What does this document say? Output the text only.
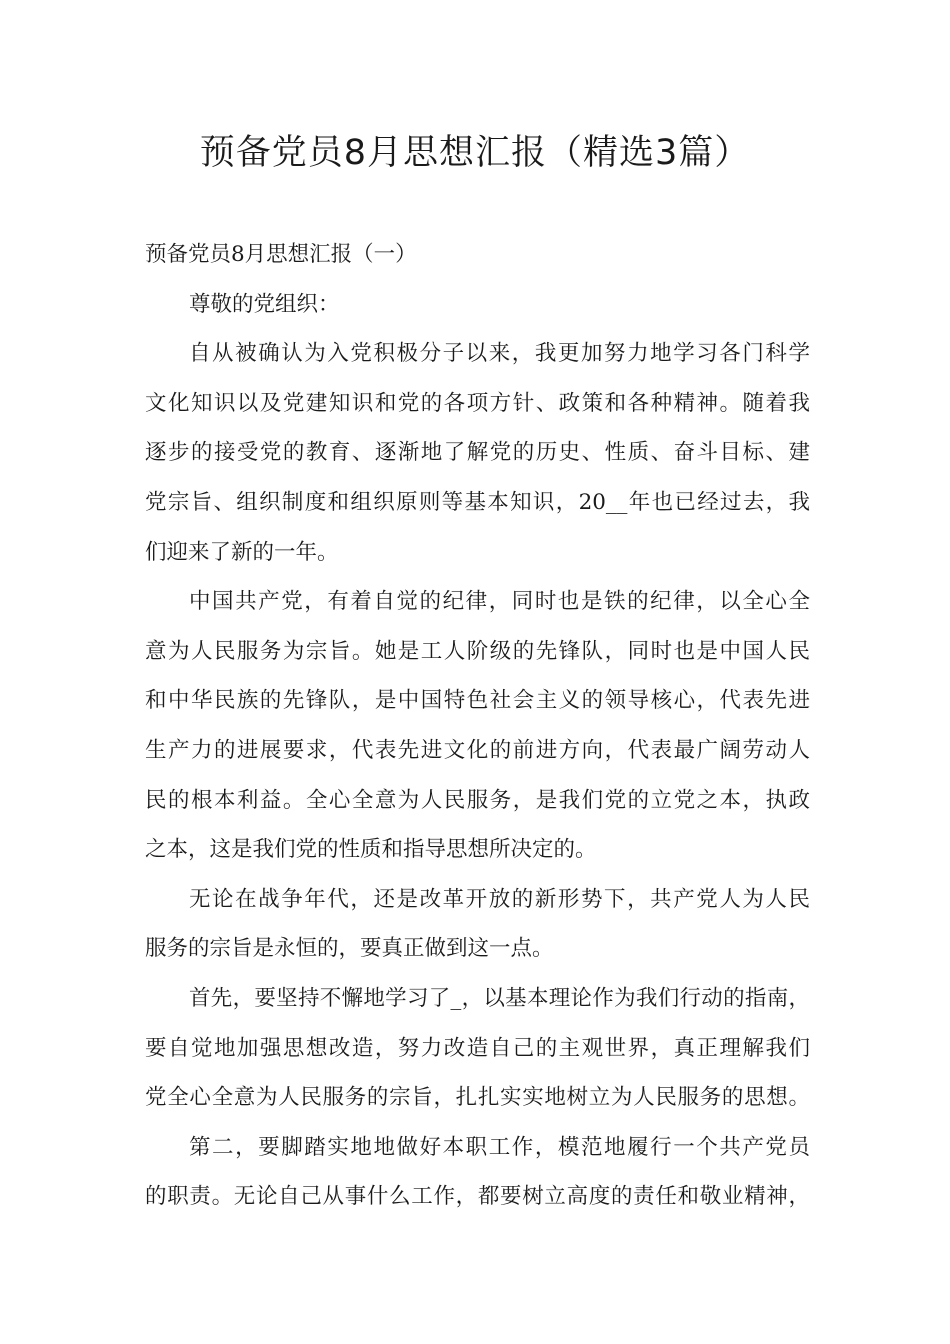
预备党员8月思想汇报（精选3篇）

预备党员8月思想汇报（一）

尊敬的党组织：

自从被确认为入党积极分子以来，我更加努力地学习各门科学

文化知识以及党建知识和党的各项方针、政策和各种精神。随着我

逐步的接受党的教育、逐渐地了解党的历史、性质、奋斗目标、建

党宗旨、组织制度和组织原则等基本知识，20__年也已经过去，我

们迎来了新的一年。

中国共产党，有着自觉的纪律，同时也是铁的纪律，以全心全

意为人民服务为宗旨。她是工人阶级的先锋队，同时也是中国人民

和中华民族的先锋队，是中国特色社会主义的领导核心，代表先进

生产力的进展要求，代表先进文化的前进方向，代表最广阔劳动人

民的根本利益。全心全意为人民服务，是我们党的立党之本，执政

之本，这是我们党的性质和指导思想所决定的。

无论在战争年代，还是改革开放的新形势下，共产党人为人民

服务的宗旨是永恒的，要真正做到这一点。

首先，要坚持不懈地学习了_，以基本理论作为我们行动的指南，

要自觉地加强思想改造，努力改造自己的主观世界，真正理解我们

党全心全意为人民服务的宗旨，扎扎实实地树立为人民服务的思想。

第二，要脚踏实地地做好本职工作，模范地履行一个共产党员

的职责。无论自己从事什么工作，都要树立高度的责任和敬业精神，
